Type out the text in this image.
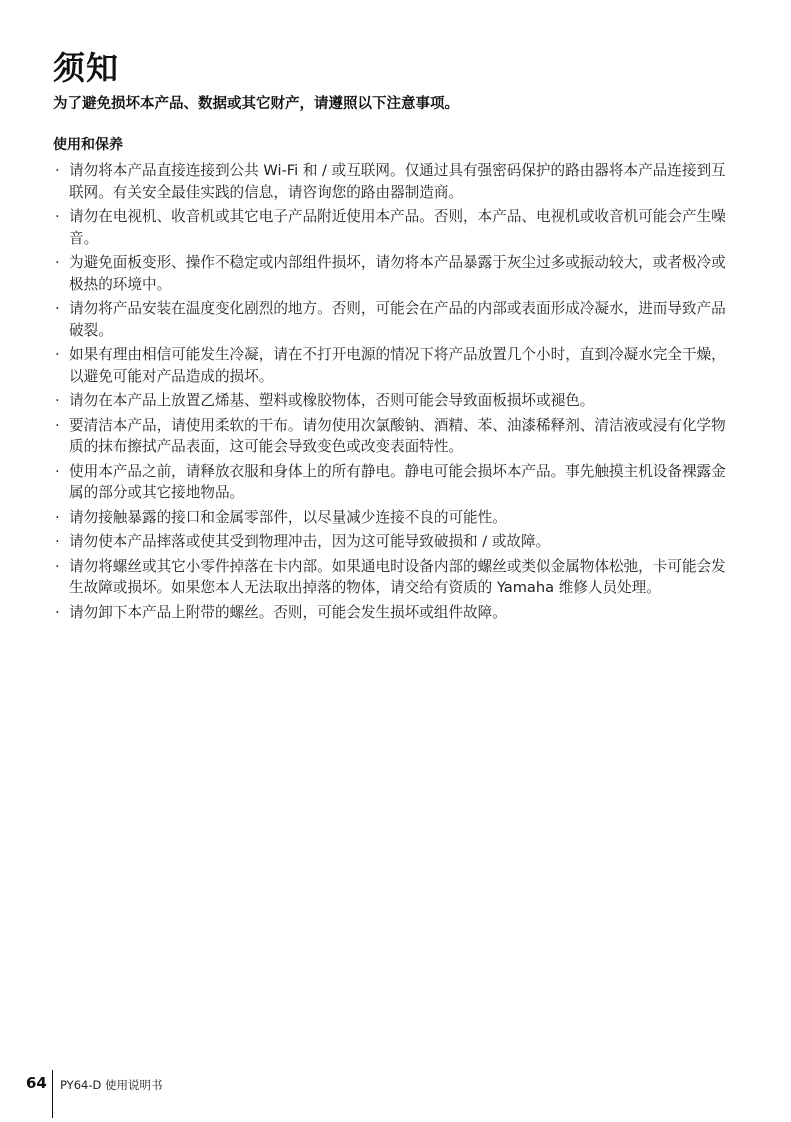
须知

为了避免损坏本产品、数据或其它财产，请遵照以下注意事项。

使用和保养
· 请勿将本产品直接连接到公共 Wi-Fi 和 / 或互联网。仅通过具有强密码保护的路由器将本产品连接到互联网。有关安全最佳实践的信息，请咨询您的路由器制造商。
· 请勿在电视机、收音机或其它电子产品附近使用本产品。否则，本产品、电视机或收音机可能会产生噪音。
· 为避免面板变形、操作不稳定或内部组件损坏，请勿将本产品暴露于灰尘过多或振动较大，或者极冷或极热的环境中。
· 请勿将产品安装在温度变化剧烈的地方。否则，可能会在产品的内部或表面形成冷凝水，进而导致产品破裂。
· 如果有理由相信可能发生冷凝，请在不打开电源的情况下将产品放置几个小时，直到冷凝水完全干燥，以避免可能对产品造成的损坏。
· 请勿在本产品上放置乙烯基、塑料或橡胶物体，否则可能会导致面板损坏或褪色。
· 要清洁本产品，请使用柔软的干布。请勿使用次氯酸钠、酒精、苯、油漆稀释剂、清洁液或浸有化学物质的抹布擦拭产品表面，这可能会导致变色或改变表面特性。
· 使用本产品之前，请释放衣服和身体上的所有静电。静电可能会损坏本产品。事先触摸主机设备裸露金属的部分或其它接地物品。
· 请勿接触暴露的接口和金属零部件，以尽量减少连接不良的可能性。
· 请勿使本产品摔落或使其受到物理冲击，因为这可能导致破损和 / 或故障。
· 请勿将螺丝或其它小零件掉落在卡内部。如果通电时设备内部的螺丝或类似金属物体松弛，卡可能会发生故障或损坏。如果您本人无法取出掉落的物体，请交给有资质的 Yamaha 维修人员处理。
· 请勿卸下本产品上附带的螺丝。否则，可能会发生损坏或组件故障。
64 PY64-D 使用说明书
